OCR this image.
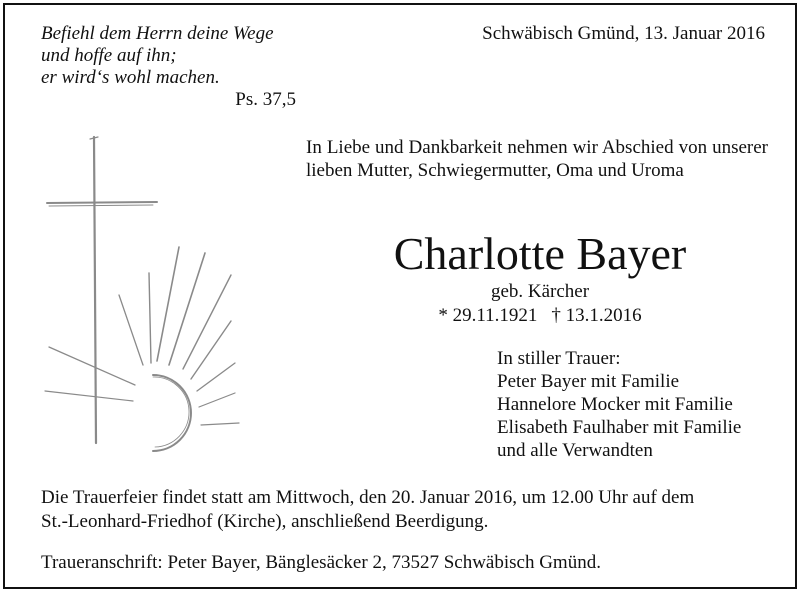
Befiehl dem Herrn deine Wege
und hoffe auf ihn;
er wird‘s wohl machen.
Ps. 37,5
Schwäbisch Gmünd, 13. Januar 2016
In Liebe und Dankbarkeit nehmen wir Abschied von unserer lieben Mutter, Schwiegermutter, Oma und Uroma
Charlotte Bayer
geb. Kärcher
* 29.11.1921 † 13.1.2016
In stiller Trauer:
Peter Bayer mit Familie
Hannelore Mocker mit Familie
Elisabeth Faulhaber mit Familie
und alle Verwandten
Die Trauerfeier findet statt am Mittwoch, den 20. Januar 2016, um 12.00 Uhr auf dem
St.-Leonhard-Friedhof (Kirche), anschließend Beerdigung.
Traueranschrift: Peter Bayer, Bänglesäcker 2, 73527 Schwäbisch Gmünd.
